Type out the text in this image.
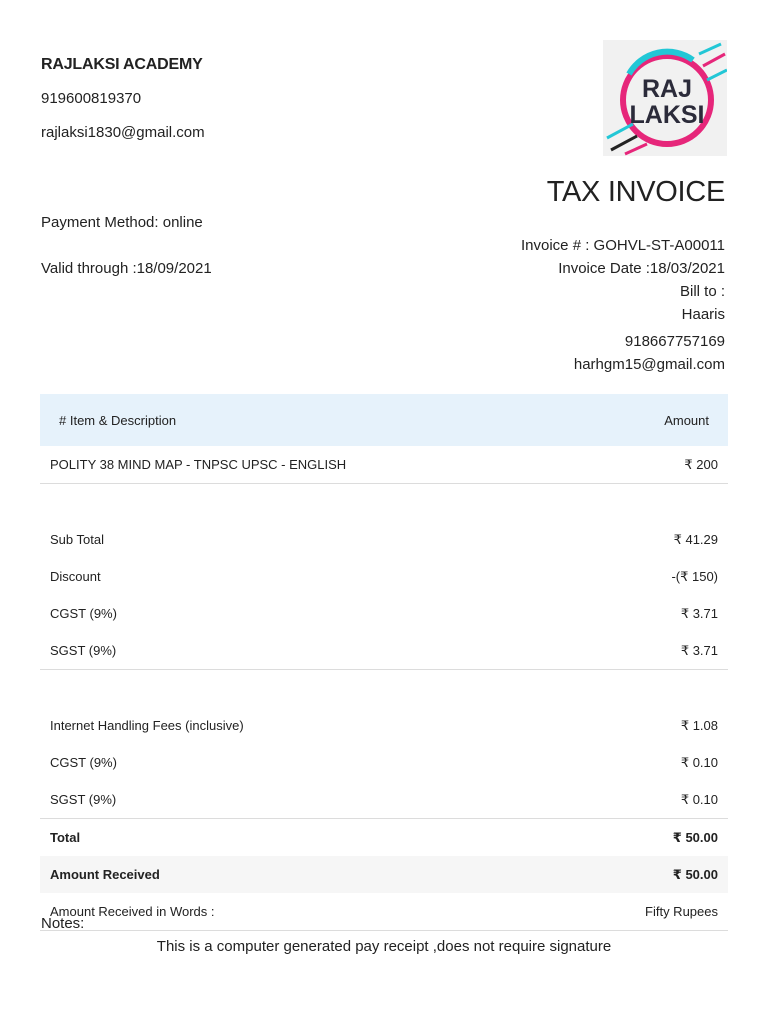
RAJLAKSI ACADEMY
919600819370
rajlaksi1830@gmail.com
RAJ
LAKSI
TAX INVOICE
Payment Method: online
Valid through :18/09/2021
Invoice # : GOHVL-ST-A00011
Invoice Date :18/03/2021
Bill to :
Haaris
918667757169
harhgm15@gmail.com
# Item & Description	Amount
POLITY 38 MIND MAP - TNPSC UPSC - ENGLISH	₹ 200

Sub Total	₹ 41.29
Discount	-(₹ 150)
CGST (9%)	₹ 3.71
SGST (9%)	₹ 3.71

Internet Handling Fees (inclusive)	₹ 1.08
CGST (9%)	₹ 0.10
SGST (9%)	₹ 0.10
Total	₹ 50.00
Amount Received	₹ 50.00
Amount Received in Words :	Fifty Rupees
Notes:
This is a computer generated pay receipt ,does not require signature
